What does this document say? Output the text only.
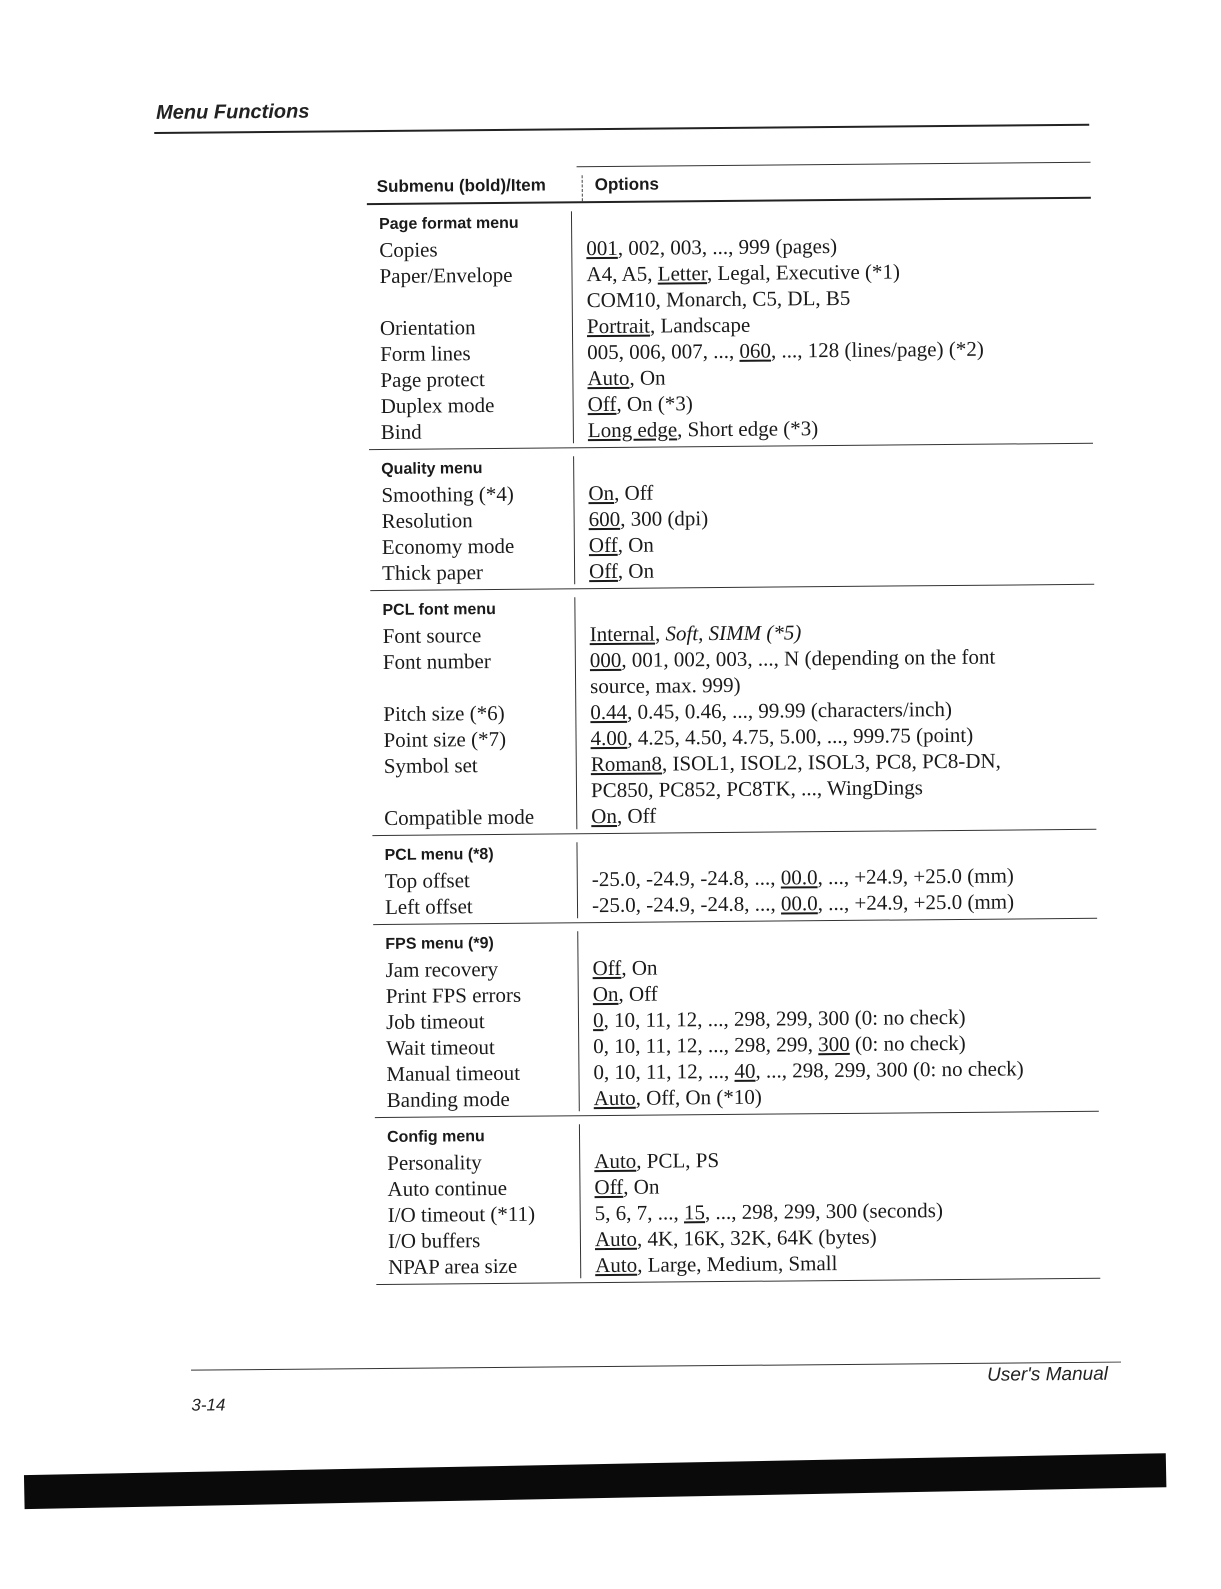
Menu Functions
Submenu (bold)/Item	Options
Page format menu
Copies
Paper/Envelope

Orientation
Form lines
Page protect
Duplex mode
Bind
001, 002, 003, ..., 999 (pages)
A4, A5, Letter, Legal, Executive (*1)
COM10, Monarch, C5, DL, B5
Portrait, Landscape
005, 006, 007, ..., 060, ..., 128 (lines/page) (*2)
Auto, On
Off, On (*3)
Long edge, Short edge (*3)
Quality menu
Smoothing (*4)
Resolution
Economy mode
Thick paper
On, Off
600, 300 (dpi)
Off, On
Off, On
PCL font menu
Font source
Font number

Pitch size (*6)
Point size (*7)
Symbol set

Compatible mode
Internal, Soft, SIMM (*5)
000, 001, 002, 003, ..., N (depending on the font
source, max. 999)
0.44, 0.45, 0.46, ..., 99.99 (characters/inch)
4.00, 4.25, 4.50, 4.75, 5.00, ..., 999.75 (point)
Roman8, ISOL1, ISOL2, ISOL3, PC8, PC8-DN,
PC850, PC852, PC8TK, ..., WingDings
On, Off
PCL menu (*8)
Top offset
Left offset
-25.0, -24.9, -24.8, ..., 00.0, ..., +24.9, +25.0 (mm)
-25.0, -24.9, -24.8, ..., 00.0, ..., +24.9, +25.0 (mm)
FPS menu (*9)
Jam recovery
Print FPS errors
Job timeout
Wait timeout
Manual timeout
Banding mode
Off, On
On, Off
0, 10, 11, 12, ..., 298, 299, 300 (0: no check)
0, 10, 11, 12, ..., 298, 299, 300 (0: no check)
0, 10, 11, 12, ..., 40, ..., 298, 299, 300 (0: no check)
Auto, Off, On (*10)
Config menu
Personality
Auto continue
I/O timeout (*11)
I/O buffers
NPAP area size
Auto, PCL, PS
Off, On
5, 6, 7, ..., 15, ..., 298, 299, 300 (seconds)
Auto, 4K, 16K, 32K, 64K (bytes)
Auto, Large, Medium, Small
User's Manual
3-14
